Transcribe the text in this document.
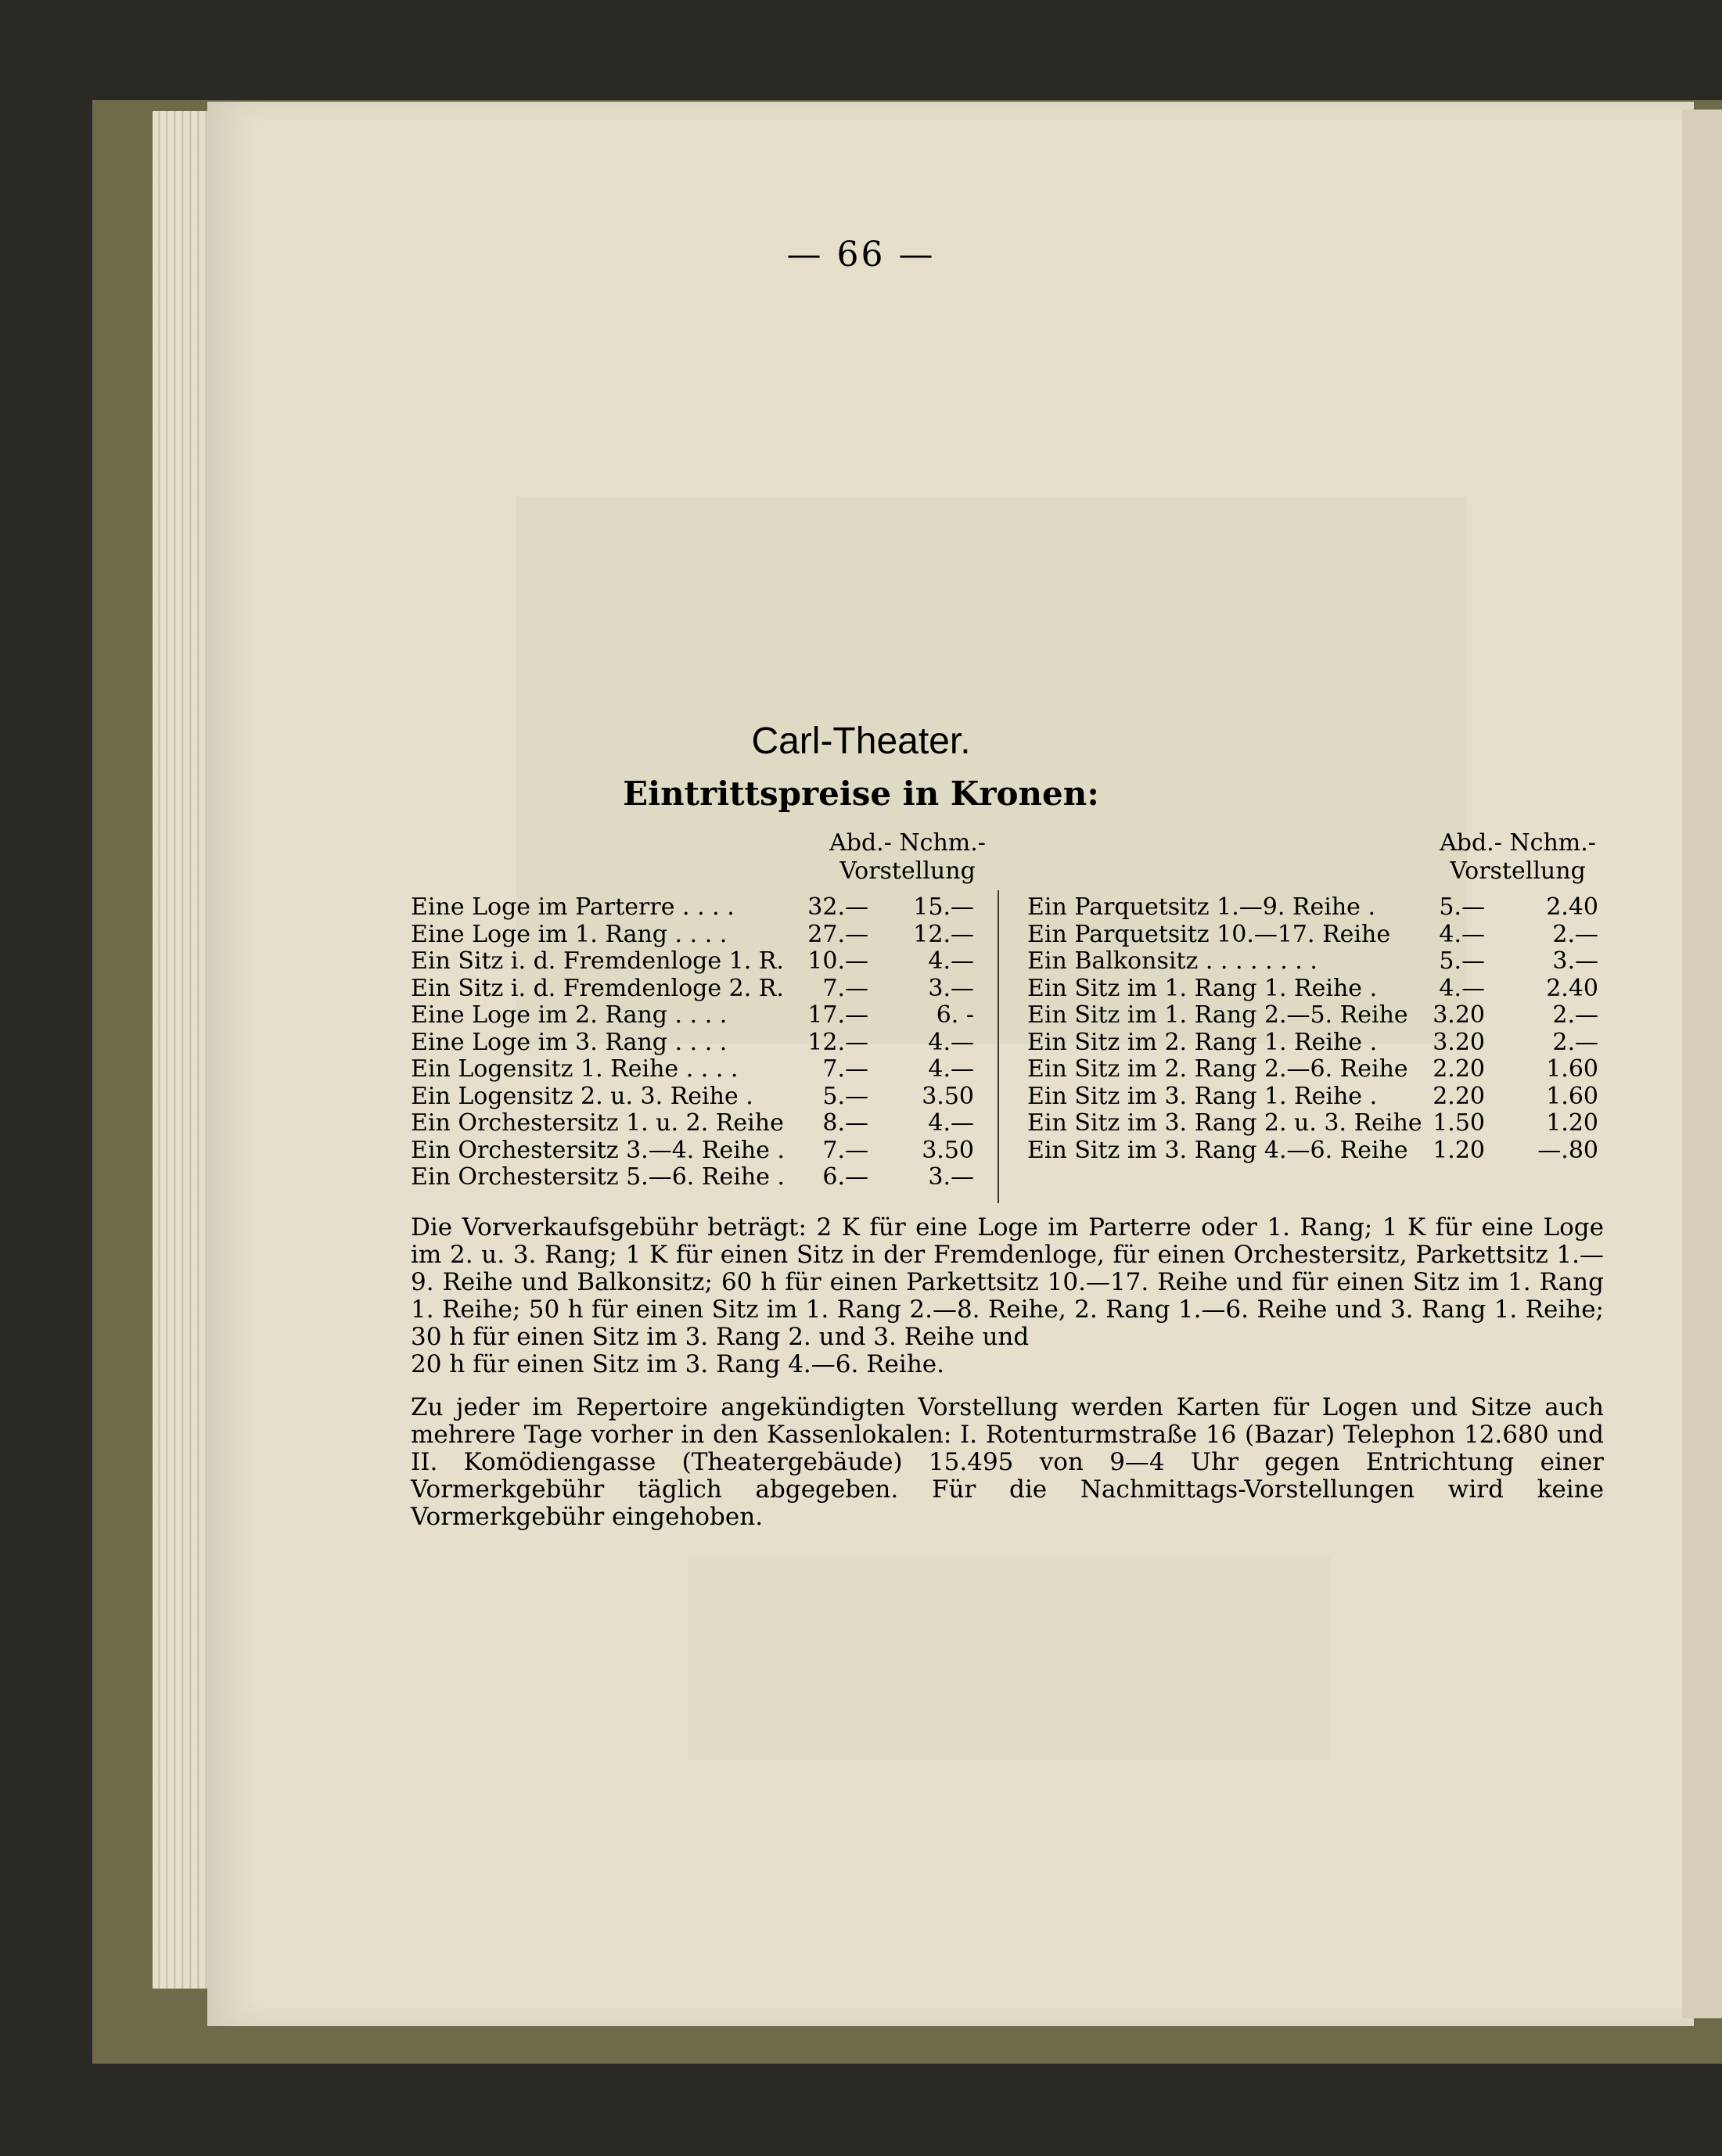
— 66 —
Carl-Theater.
Eintrittspreise in Kronen:
Abd.- Nchm.-
Vorstellung
Abd.- Nchm.-
Vorstellung
Eine Loge im Parterre . . . .	32.—	15.—
Eine Loge im 1. Rang . . . .	27.—	12.—
Ein Sitz i. d. Fremdenloge 1. R. 10.—	4.—
Ein Sitz i. d. Fremdenloge 2. R.	7.—	3.—
Eine Loge im 2. Rang . . . .	17.—	6. -
Eine Loge im 3. Rang . . . .	12.—	4.—
Ein Logensitz 1. Reihe . . . .	7.—	4.—
Ein Logensitz 2. u. 3. Reihe .	5.—	3.50
Ein Orchestersitz 1. u. 2. Reihe	8.—	4.—
Ein Orchestersitz 3.—4. Reihe .	7.—	3.50
Ein Orchestersitz 5.—6. Reihe .	6.—	3.—
Ein Parquetsitz 1.—9. Reihe .	5.—	2.40
Ein Parquetsitz 10.—17. Reihe	4.—	2.—
Ein Balkonsitz . . . . . . . .	5.—	3.—
Ein Sitz im 1. Rang 1. Reihe .	4.—	2.40
Ein Sitz im 1. Rang 2.—5. Reihe	3.20	2.—
Ein Sitz im 2. Rang 1. Reihe .	3.20	2.—
Ein Sitz im 2. Rang 2.—6. Reihe	2.20	1.60
Ein Sitz im 3. Rang 1. Reihe .	2.20	1.60
Ein Sitz im 3. Rang 2. u. 3. Reihe 1.50	1.20
Ein Sitz im 3. Rang 4.—6. Reihe	1.20	—.80

Die Vorverkaufsgebühr beträgt: 2 K für eine Loge im Parterre oder 1. Rang; 1 K für eine Loge im 2. u. 3. Rang; 1 K für einen Sitz in der Fremdenloge, für einen Orchestersitz, Parkettsitz 1.—9. Reihe und Balkonsitz; 60 h für einen Parkettsitz 10.—17. Reihe und für einen Sitz im 1. Rang 1. Reihe; 50 h für einen Sitz im 1. Rang 2.—8. Reihe, 2. Rang 1.—6. Reihe und 3. Rang 1. Reihe; 30 h für einen Sitz im 3. Rang 2. und 3. Reihe und

20 h für einen Sitz im 3. Rang 4.—6. Reihe.

Zu jeder im Repertoire angekündigten Vorstellung werden Karten für Logen und Sitze auch mehrere Tage vorher in den Kassenlokalen: I. Rotenturmstraße 16 (Bazar) Telephon 12.680 und II. Komödiengasse (Theatergebäude) 15.495 von 9—4 Uhr gegen Entrichtung einer Vormerkgebühr täglich abgegeben. Für die Nachmittags-Vorstellungen wird keine Vormerkgebühr eingehoben.
